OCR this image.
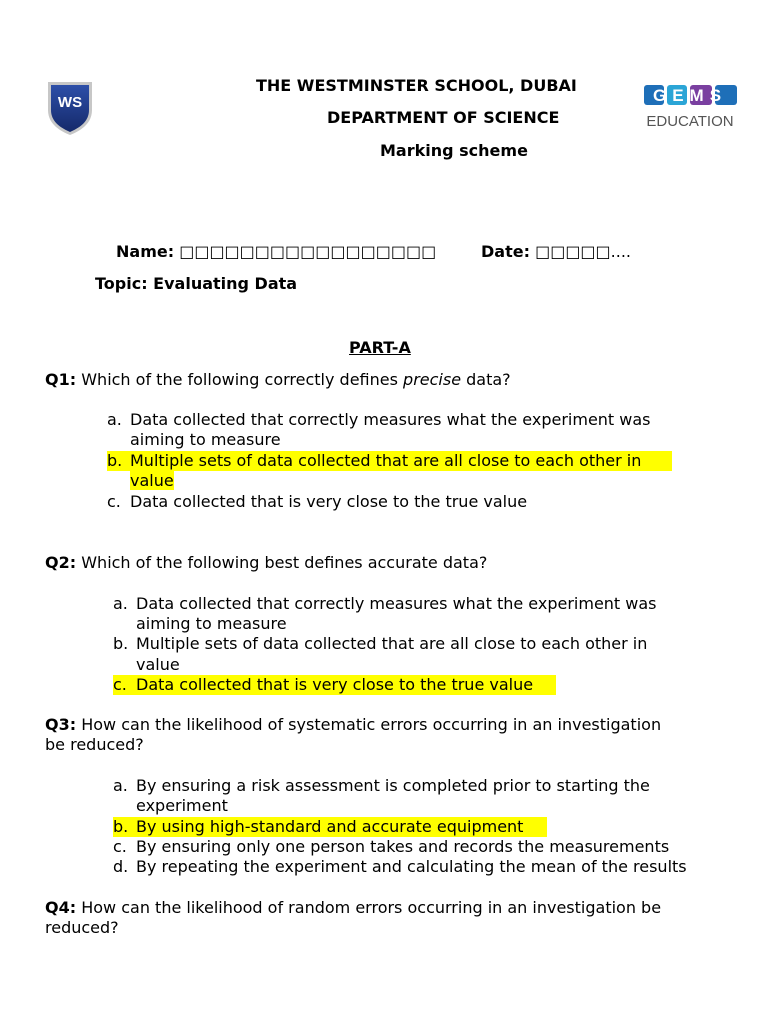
WS	GEMS
EDUCATION
THE WESTMINSTER SCHOOL, DUBAI
DEPARTMENT OF SCIENCE
Marking scheme
Name: □□□□□□□□□□□□□□□□□	Date: □□□□□....
Topic: Evaluating Data
PART-A
Q1: Which of the following correctly defines precise data?
a. Data collected that correctly measures what the experiment was
aiming to measure
b. Multiple sets of data collected that are all close to each other in
value
c. Data collected that is very close to the true value
Q2: Which of the following best defines accurate data?
a. Data collected that correctly measures what the experiment was
aiming to measure
b. Multiple sets of data collected that are all close to each other in
value
c. Data collected that is very close to the true value
Q3: How can the likelihood of systematic errors occurring in an investigation
be reduced?
a. By ensuring a risk assessment is completed prior to starting the
experiment
b. By using high-standard and accurate equipment
c. By ensuring only one person takes and records the measurements
d. By repeating the experiment and calculating the mean of the results
Q4: How can the likelihood of random errors occurring in an investigation be
reduced?
